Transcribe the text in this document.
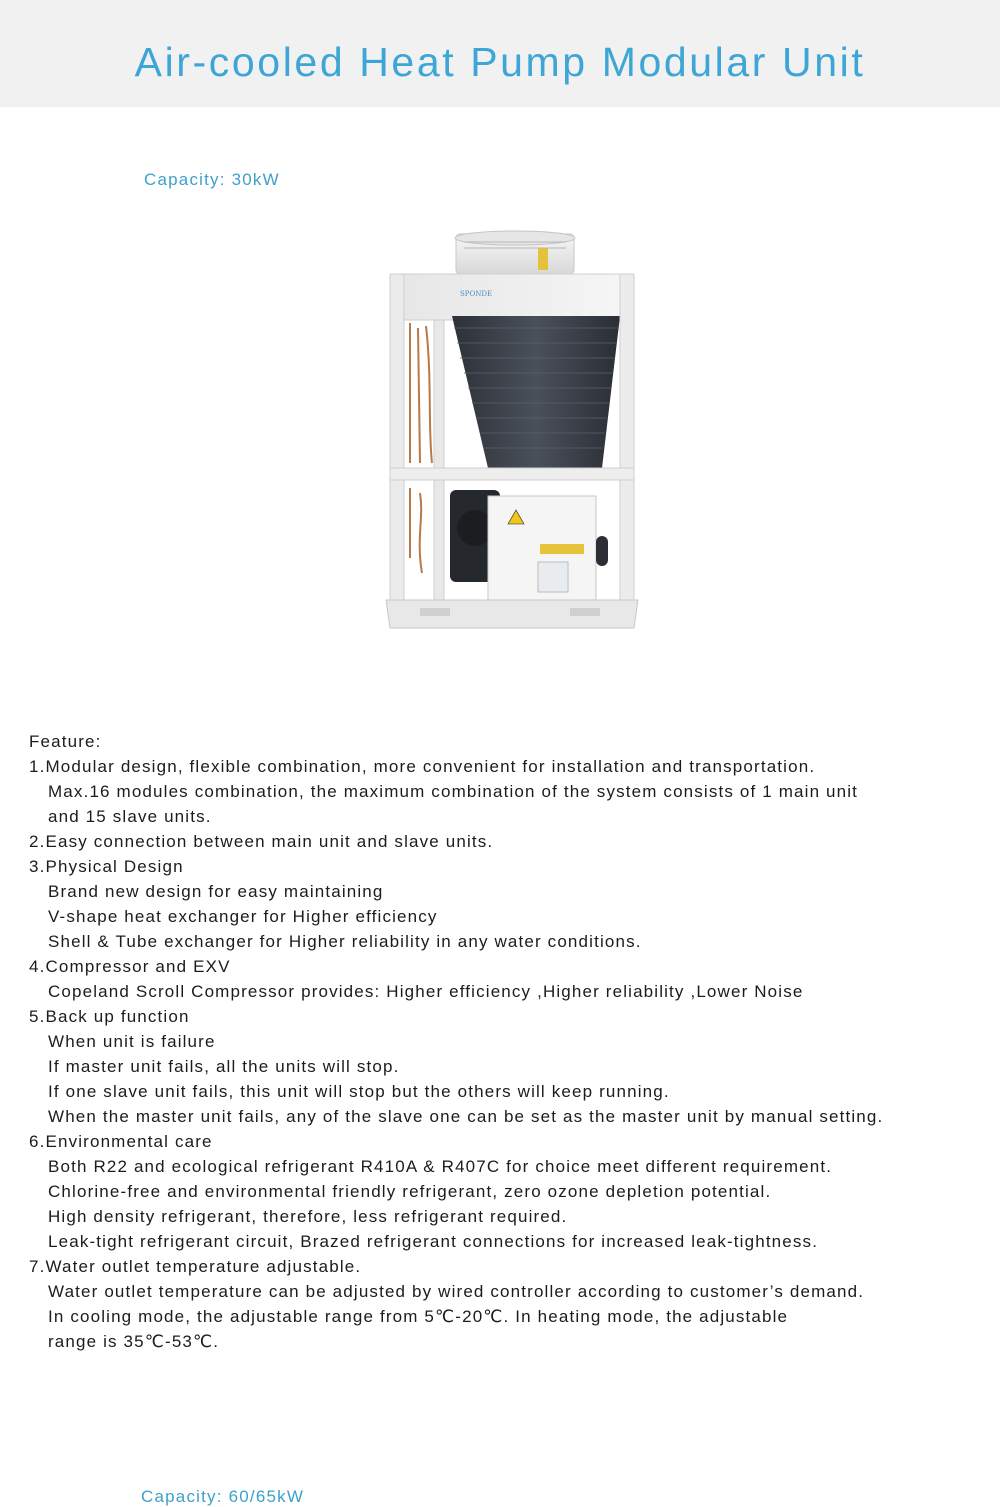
Air-cooled Heat Pump Modular Unit

Capacity: 30kW

SPONDE

Feature:

1.Modular design, flexible combination, more convenient for installation and transportation.

Max.16 modules combination, the maximum combination of the system consists of 1 main unit

and 15 slave units.

2.Easy connection between main unit and slave units.

3.Physical Design

Brand new design for easy maintaining

V-shape heat exchanger for Higher efficiency

Shell & Tube exchanger for Higher reliability in any water conditions.

4.Compressor and EXV

Copeland Scroll Compressor provides: Higher efficiency ,Higher reliability ,Lower Noise

5.Back up function

When unit is failure

If master unit fails, all the units will stop.

If one slave unit fails, this unit will stop but the others will keep running.

When the master unit fails, any of the slave one can be set as the master unit by manual setting.

6.Environmental care

Both R22 and ecological refrigerant R410A & R407C for choice meet different requirement.

Chlorine-free and environmental friendly refrigerant, zero ozone depletion potential.

High density refrigerant, therefore, less refrigerant required.

Leak-tight refrigerant circuit, Brazed refrigerant connections for increased leak-tightness.

7.Water outlet temperature adjustable.

Water outlet temperature can be adjusted by wired controller according to customer’s demand.

In cooling mode, the adjustable range from 5℃-20℃. In heating mode, the adjustable

range is 35℃-53℃.

Capacity: 60/65kW
